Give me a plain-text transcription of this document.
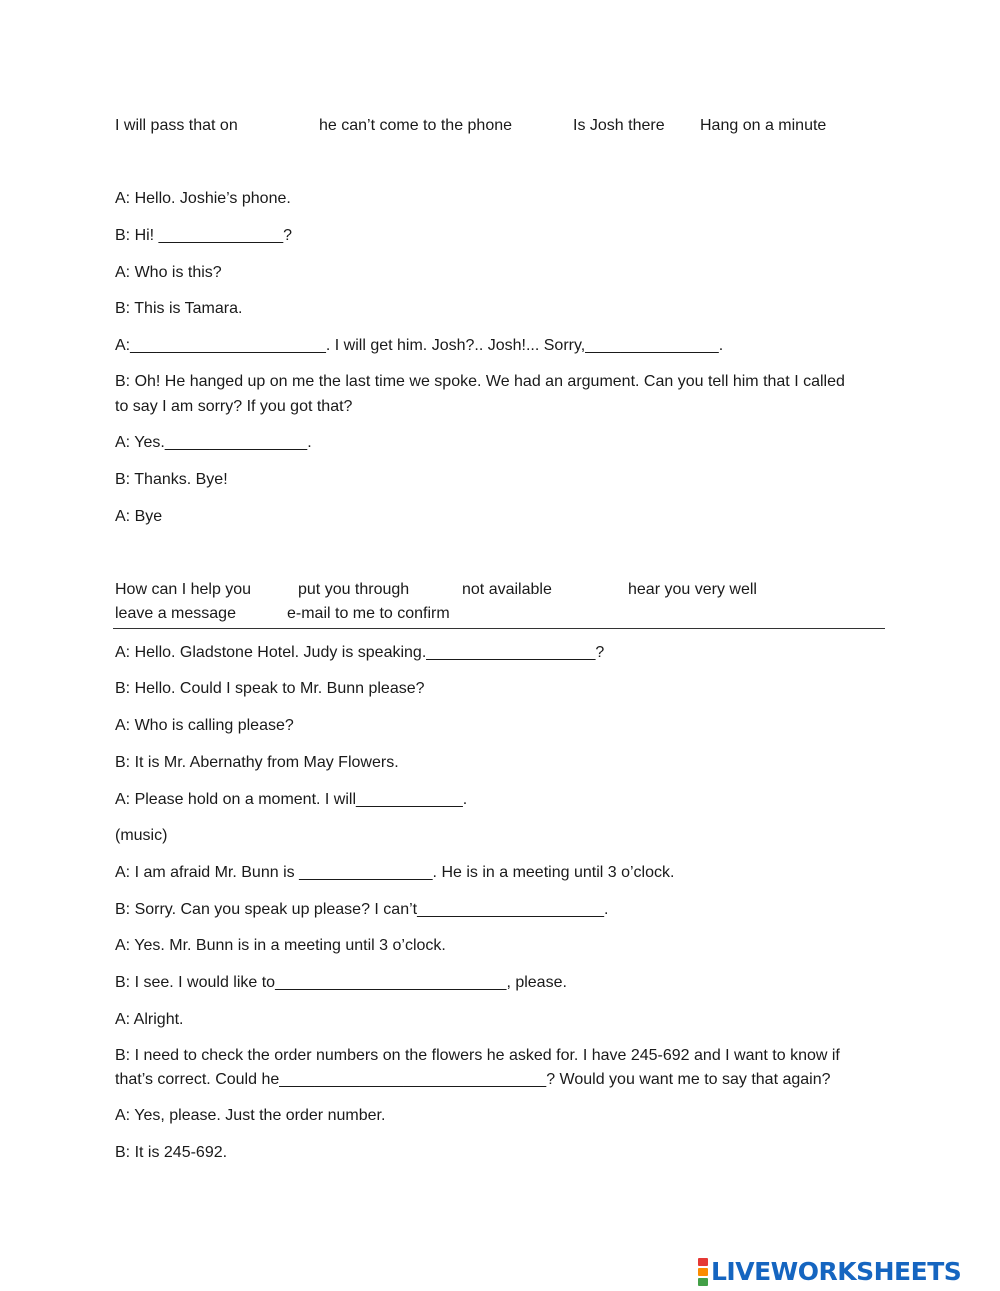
I will pass that on	he can’t come to the phone	Is Josh there Hang on a minute
A: Hello. Joshie’s phone.
B: Hi! ______________?
A: Who is this?
B: This is Tamara.
A:______________________. I will get him. Josh?.. Josh!... Sorry,_______________.
B: Oh! He hanged up on me the last time we spoke. We had an argument. Can you tell him that I called
to say I am sorry? If you got that?
A: Yes.________________.
B: Thanks. Bye!
A: Bye
How can I help you	put you through	not available	hear you very well
leave a message	e-mail to me to confirm
A: Hello. Gladstone Hotel. Judy is speaking.___________________?
B: Hello. Could I speak to Mr. Bunn please?
A: Who is calling please?
B: It is Mr. Abernathy from May Flowers.
A: Please hold on a moment. I will____________.
(music)
A: I am afraid Mr. Bunn is _______________. He is in a meeting until 3 o’clock.
B: Sorry. Can you speak up please? I can’t_____________________.
A: Yes. Mr. Bunn is in a meeting until 3 o’clock.
B: I see. I would like to__________________________, please.
A: Alright.
B: I need to check the order numbers on the flowers he asked for. I have 245-692 and I want to know if
that’s correct. Could he______________________________? Would you want me to say that again?
A: Yes, please. Just the order number.
B: It is 245-692.
LIVEWORKSHEETS
